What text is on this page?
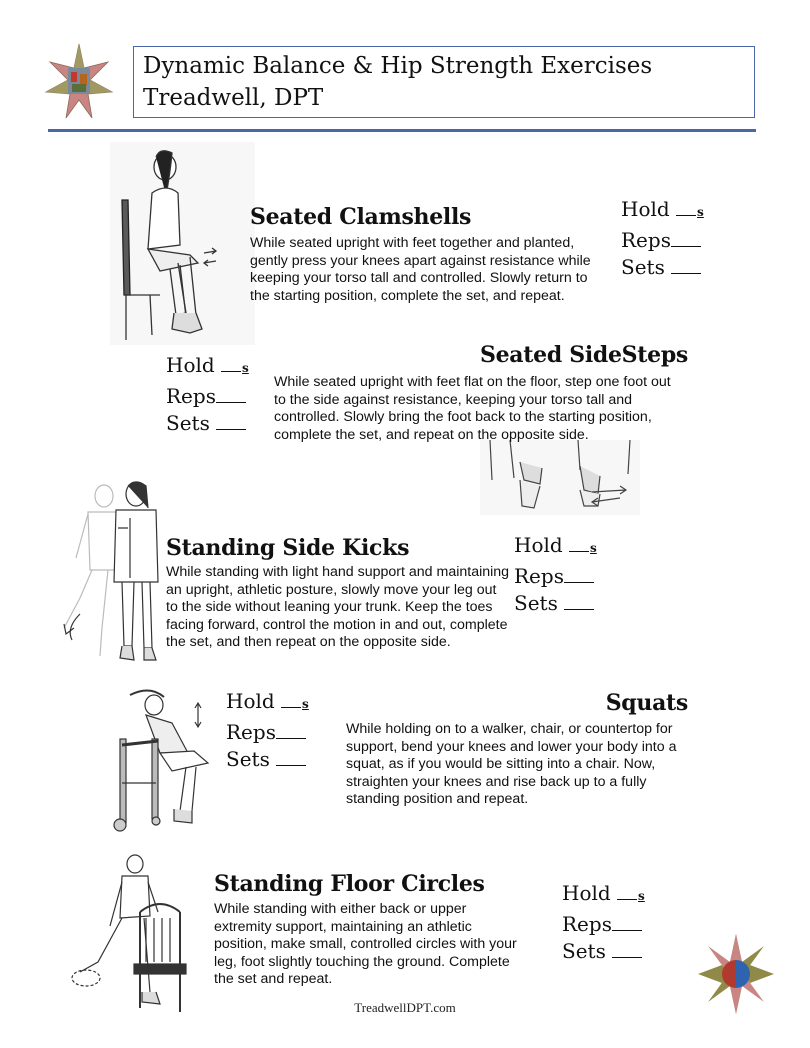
Dynamic Balance & Hip Strength Exercises
Treadwell, DPT
Seated Clamshells
While seated upright with feet together and planted, gently press your knees apart against resistance while keeping your torso tall and controlled. Slowly return to the starting position, complete the set, and repeat.
Hold s
Reps
Sets
Hold s
Reps
Sets
Seated SideSteps
While seated upright with feet flat on the floor, step one foot out to the side against resistance, keeping your torso tall and controlled. Slowly bring the foot back to the starting position, complete the set, and repeat on the opposite side.
Standing Side Kicks
While standing with light hand support and maintaining an upright, athletic posture, slowly move your leg out to the side without leaning your trunk. Keep the toes facing forward, control the motion in and out, complete the set, and then repeat on the opposite side.
Hold s
Reps
Sets
Hold s
Reps
Sets
Squats
While holding on to a walker, chair, or countertop for support, bend your knees and lower your body into a squat, as if you would be sitting into a chair. Now, straighten your knees and rise back up to a fully standing position and repeat.
Standing Floor Circles
While standing with either back or upper extremity support, maintaining an athletic position, make small, controlled circles with your leg, foot slightly touching the ground. Complete the set and repeat.
Hold s
Reps
Sets
TreadwellDPT.com
